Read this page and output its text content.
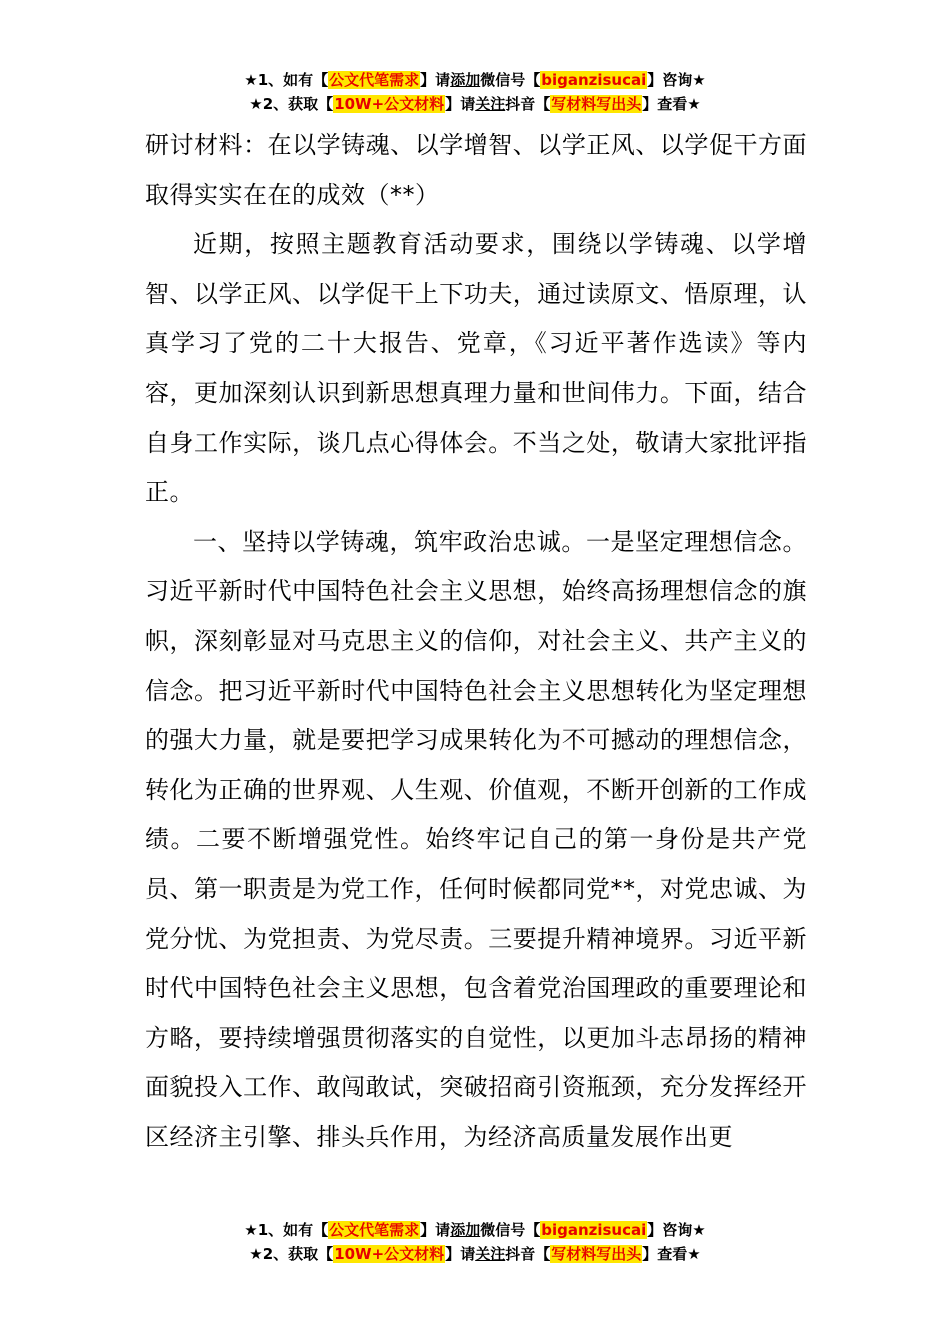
★1、如有【公文代笔需求】请添加微信号【biganzisucai】咨询★
★2、获取【10W+公文材料】请关注抖音【写材料写出头】查看★

研讨材料：在以学铸魂、以学增智、以学正风、以学促干方面取得实实在在的成效（**）

近期，按照主题教育活动要求，围绕以学铸魂、以学增智、以学正风、以学促干上下功夫，通过读原文、悟原理，认真学习了党的二十大报告、党章，《习近平著作选读》等内容，更加深刻认识到新思想真理力量和世间伟力。下面，结合自身工作实际，谈几点心得体会。不当之处，敬请大家批评指正。

一、坚持以学铸魂，筑牢政治忠诚。一是坚定理想信念。习近平新时代中国特色社会主义思想，始终高扬理想信念的旗帜，深刻彰显对马克思主义的信仰，对社会主义、共产主义的信念。把习近平新时代中国特色社会主义思想转化为坚定理想的强大力量，就是要把学习成果转化为不可撼动的理想信念，转化为正确的世界观、人生观、价值观，不断开创新的工作成绩。二要不断增强党性。始终牢记自己的第一身份是共产党员、第一职责是为党工作，任何时候都同党**，对党忠诚、为党分忧、为党担责、为党尽责。三要提升精神境界。习近平新时代中国特色社会主义思想，包含着党治国理政的重要理论和方略，要持续增强贯彻落实的自觉性，以更加斗志昂扬的精神面貌投入工作、敢闯敢试，突破招商引资瓶颈，充分发挥经开区经济主引擎、排头兵作用，为经济高质量发展作出更

★1、如有【公文代笔需求】请添加微信号【biganzisucai】咨询★
★2、获取【10W+公文材料】请关注抖音【写材料写出头】查看★
